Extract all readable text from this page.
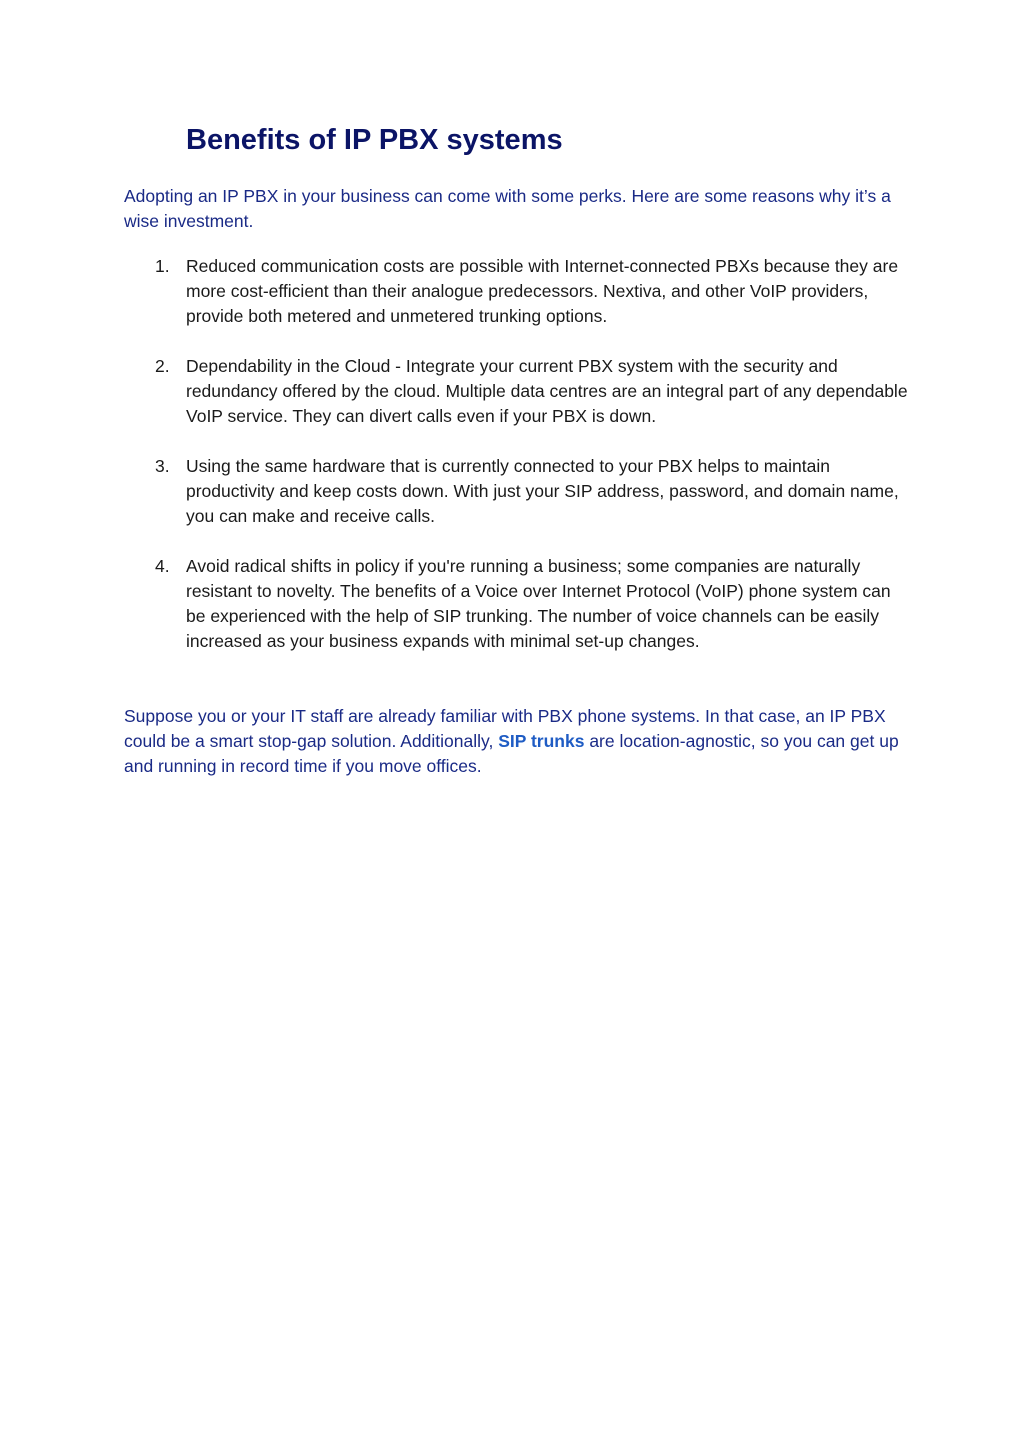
Benefits of IP PBX systems

Adopting an IP PBX in your business can come with some perks. Here are some reasons why it’s a wise investment.

1. Reduced communication costs are possible with Internet-connected PBXs because they are more cost-efficient than their analogue predecessors. Nextiva, and other VoIP providers, provide both metered and unmetered trunking options.
2. Dependability in the Cloud - Integrate your current PBX system with the security and redundancy offered by the cloud. Multiple data centres are an integral part of any dependable VoIP service. They can divert calls even if your PBX is down.
3. Using the same hardware that is currently connected to your PBX helps to maintain productivity and keep costs down. With just your SIP address, password, and domain name, you can make and receive calls.
4. Avoid radical shifts in policy if you're running a business; some companies are naturally resistant to novelty. The benefits of a Voice over Internet Protocol (VoIP) phone system can be experienced with the help of SIP trunking. The number of voice channels can be easily increased as your business expands with minimal set-up changes.

Suppose you or your IT staff are already familiar with PBX phone systems. In that case, an IP PBX could be a smart stop-gap solution. Additionally, SIP trunks are location-agnostic, so you can get up and running in record time if you move offices.
